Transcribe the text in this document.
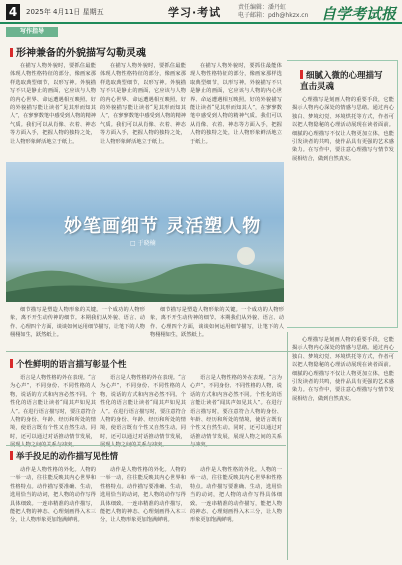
4	2025年 4月11日 星期五	学习·考试	责任编辑：潘丹虹
电子邮箱：pdh@hkzx.cn 自学考试报
写作指导
形神兼备的外貌描写勾勒灵魂
在描写人物外貌时，要抓住最能体现人物性格特征的部分，像画家那样选取典型细节，以形写神。外貌描写不只是静止的画面，它应该与人物的内心世界、命运遭遇相互映照。好的外貌描写能让读者“见其形而知其人”，在寥寥数笔中感受到人物的精神气质。我们可以从肖像、衣着、神态等方面入手，把握人物的独特之处，让人物形象鲜活地立于纸上。
在描写人物外貌时，要抓住最能体现人物性格特征的部分，像画家那样选取典型细节，以形写神。外貌描写不只是静止的画面，它应该与人物的内心世界、命运遭遇相互映照。好的外貌描写能让读者“见其形而知其人”，在寥寥数笔中感受到人物的精神气质。我们可以从肖像、衣着、神态等方面入手，把握人物的独特之处，让人物形象鲜活地立于纸上。
在描写人物外貌时，要抓住最能体现人物性格特征的部分，像画家那样选取典型细节，以形写神。外貌描写不只是静止的画面，它应该与人物的内心世界、命运遭遇相互映照。好的外貌描写能让读者“见其形而知其人”，在寥寥数笔中感受到人物的精神气质。我们可以从肖像、衣着、神态等方面入手，把握人物的独特之处，让人物形象鲜活地立于纸上。
细腻入微的心理描写直击灵魂
心理描写是刻画人物的重要手段，它能揭示人物内心深处的情感与思绪。通过内心独白、梦境幻觉、环境烘托等方式，作者可以把人物隐秘的心理活动展现在读者面前。细腻的心理描写不仅让人物更加立体，也能引发读者的共鸣，使作品具有更强的艺术感染力。在写作中，要注意心理描写与情节发展相结合，做到自然真实。
妙笔画细节 灵活塑人物
□ 于晓楠
细节描写是塑造人物形象的关键。一个成功的人物形象，离不开生动传神的细节。本期我们从外貌、语言、动作、心理四个方面，谈谈如何运用细节描写，让笔下的人物栩栩如生，跃然纸上。
细节描写是塑造人物形象的关键。一个成功的人物形象，离不开生动传神的细节。本期我们从外貌、语言、动作、心理四个方面，谈谈如何运用细节描写，让笔下的人物栩栩如生，跃然纸上。
个性鲜明的语言描写彰显个性
语言是人物性格的外在表现。“言为心声”，不同身份、不同性格的人物，说话的方式和内容必然不同。个性化的语言能让读者“闻其声如见其人”。在进行语言描写时，要注意符合人物的身份、年龄、经历和所处的情境，使语言既有个性又自然生动。同时，还可以通过对话推动情节发展，
语言是人物性格的外在表现。“言为心声”，不同身份、不同性格的人物，说话的方式和内容必然不同。个性化的语言能让读者“闻其声如见其人”。在进行语言描写时，要注意符合人物的身份、年龄、经历和所处的情境，使语言既有个性又自然生动。同时，还可以通过对话推动情节发展，
语言是人物性格的外在表现。“言为心声”，不同身份、不同性格的人物，说话的方式和内容必然不同。个性化的语言能让读者“闻其声如见其人”。在进行语言描写时，要注意符合人物的身份、年龄、经历和所处的情境，使语言既有个性又自然生动。同时，还可以通过对话推动情节发展，展现人物之间的关系
举手投足的动作描写见性情
动作是人物性格的外化。人物的一举一动，往往能反映其内心世界和性格特点。动作描写要准确、生动，选用恰当的动词，把人物的动作写得具体细致。一连串精准的动作描写，能把人物的神态、心理刻画得入木三分，让人物形象更加饱满鲜明。
动作是人物性格的外化。人物的一举一动，往往能反映其内心世界和性格特点。动作描写要准确、生动，选用恰当的动词，把人物的动作写得具体细致。一连串精准的动作描写，能把人物的神态、心理刻画得入木三分，让人物形象更加饱满鲜明。
动作是人物性格的外化。人物的一举一动，往往能反映其内心世界和性格特点。动作描写要准确、生动，选用恰当的动词，把人物的动作写得具体细致。一连串精准的动作描写，能把人物的神态、心理刻画得入木三分，让人物形象更加饱满鲜明。
心理描写是刻画人物的重要手段，它能揭示人物内心深处的情感与思绪。通过内心独白、梦境幻觉、环境烘托等方式，作者可以把人物隐秘的心理活动展现在读者面前。细腻的心理描写不仅让人物更加立体，也能引发读者的共鸣，使作品具有更强的艺术感染力。在写作中，要注意心理描写与情节发展相结合，做到自然真实。
